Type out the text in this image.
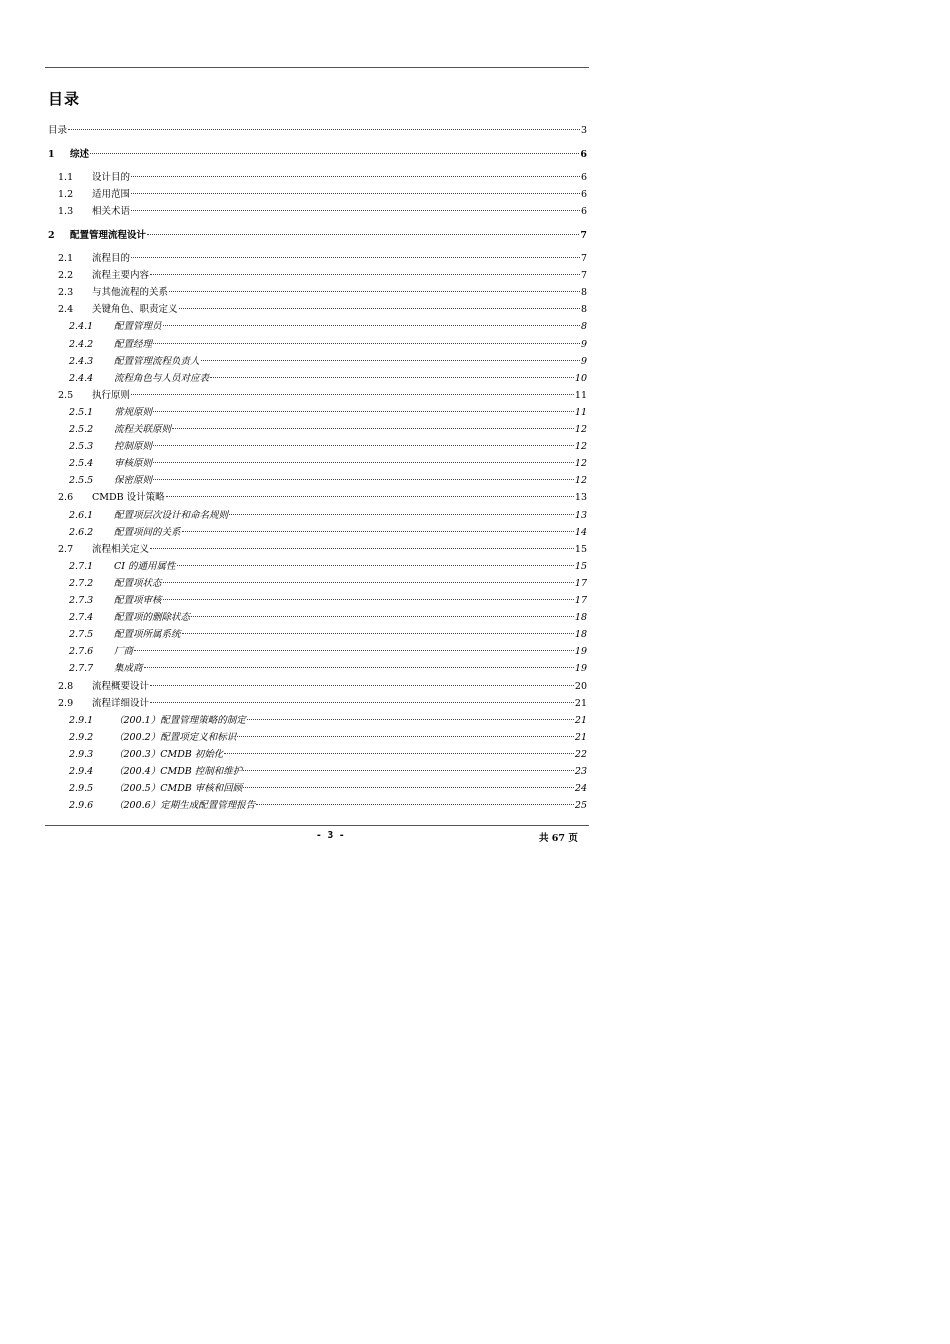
目录
目录	3
1	综述	6
1.1	设计目的	6
1.2	适用范围	6
1.3	相关术语	6
2	配置管理流程设计	7
2.1	流程目的	7
2.2	流程主要内容	7
2.3	与其他流程的关系	8
2.4	关键角色、职责定义	8
2.4.1	配置管理员	8
2.4.2	配置经理	9
2.4.3	配置管理流程负责人	9
2.4.4	流程角色与人员对应表	10
2.5	执行原则	11
2.5.1	常规原则	11
2.5.2	流程关联原则	12
2.5.3	控制原则	12
2.5.4	审核原则	12
2.5.5	保密原则	12
2.6	CMDB 设计策略	13
2.6.1	配置项层次设计和命名规则	13
2.6.2	配置项间的关系	14
2.7	流程相关定义	15
2.7.1	CI 的通用属性	15
2.7.2	配置项状态	17
2.7.3	配置项审核	17
2.7.4	配置项的删除状态	18
2.7.5	配置项所属系统	18
2.7.6	厂商	19
2.7.7	集成商	19
2.8	流程概要设计	20
2.9	流程详细设计	21
2.9.1	（200.1）配置管理策略的制定	21
2.9.2	（200.2）配置项定义和标识	21
2.9.3	（200.3）CMDB 初始化	22
2.9.4	（200.4）CMDB 控制和维护	23
2.9.5	（200.5）CMDB 审核和回顾	24
2.9.6	（200.6）定期生成配置管理报告	25
- 3 -	共 67 页
